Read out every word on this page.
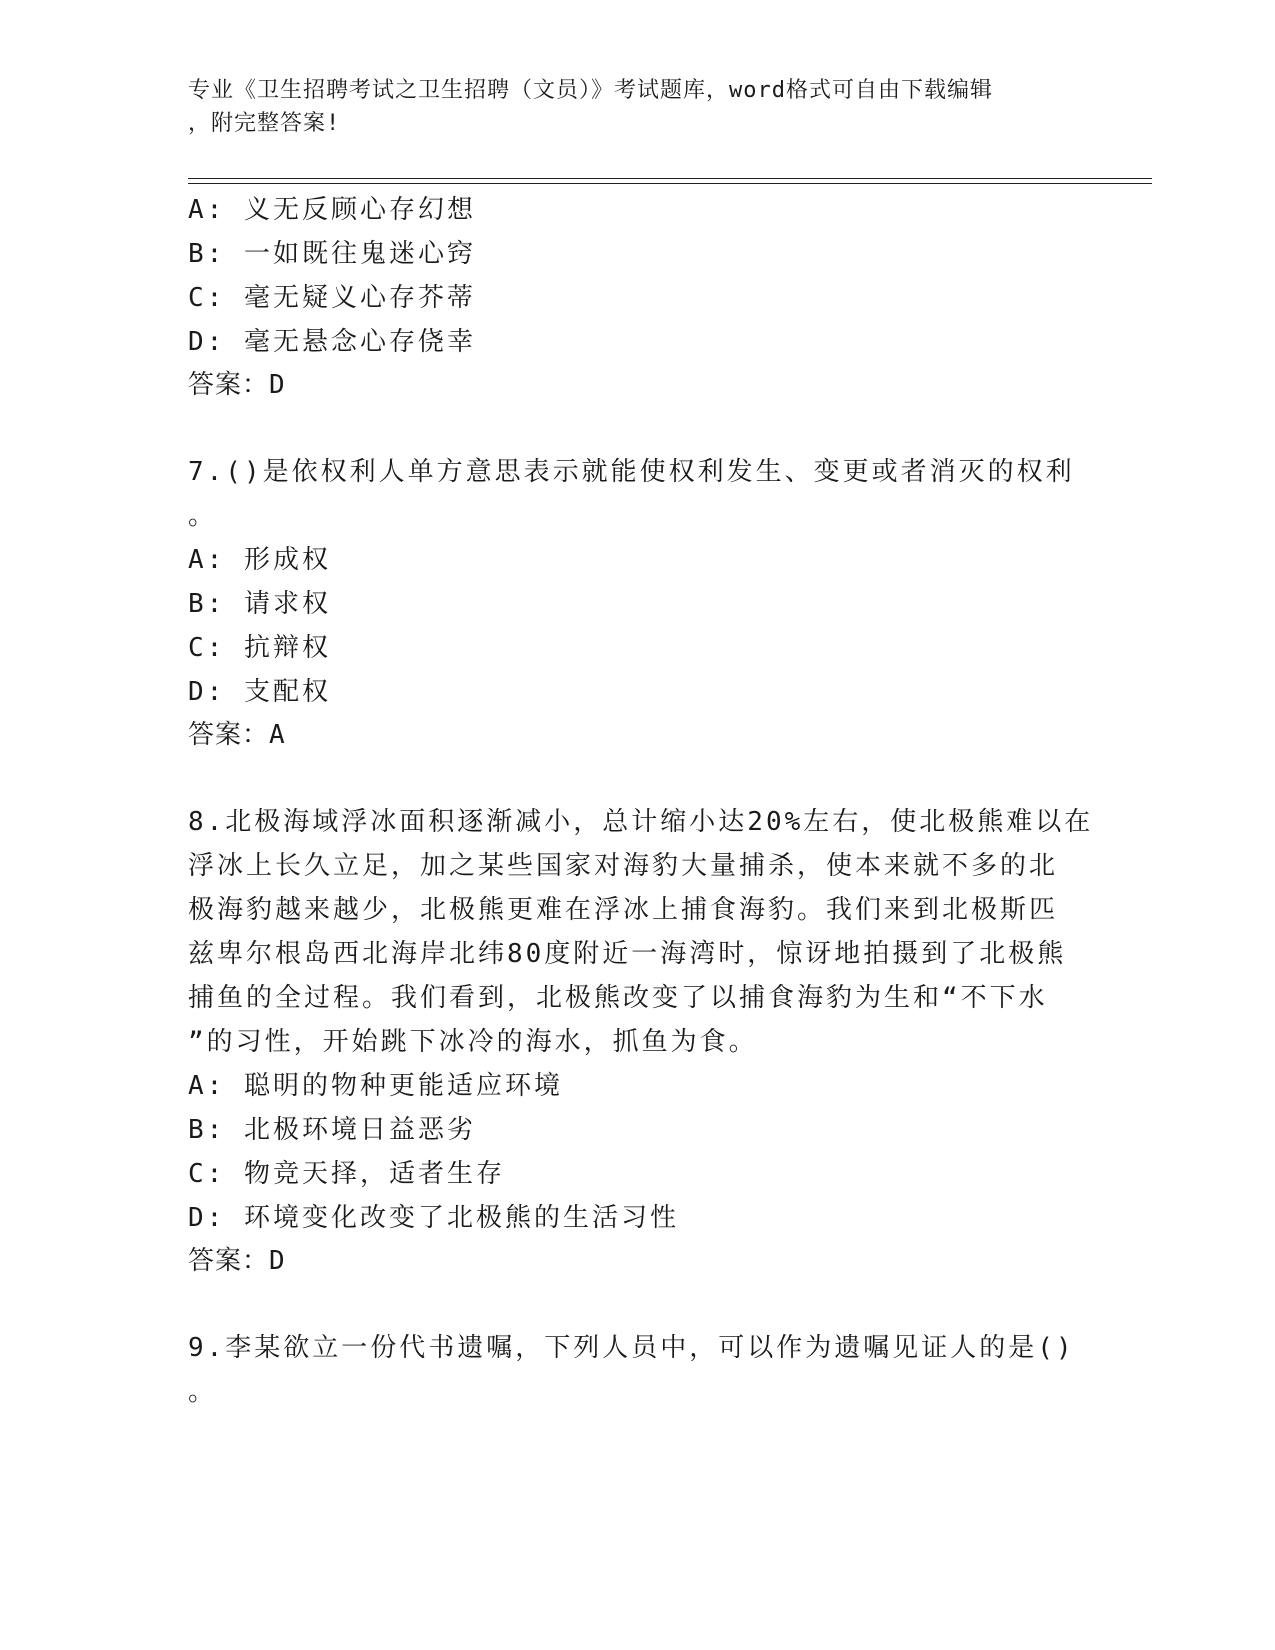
专业《卫生招聘考试之卫生招聘（文员）》考试题库，word格式可自由下载编辑
，附完整答案!
A: 义无反顾心存幻想
B: 一如既往鬼迷心窍
C: 毫无疑义心存芥蒂
D: 毫无悬念心存侥幸
答案：D
7.()是依权利人单方意思表示就能使权利发生、变更或者消灭的权利
。
A: 形成权
B: 请求权
C: 抗辩权
D: 支配权
答案：A
8.北极海域浮冰面积逐渐减小，总计缩小达20%左右，使北极熊难以在
浮冰上长久立足，加之某些国家对海豹大量捕杀，使本来就不多的北
极海豹越来越少，北极熊更难在浮冰上捕食海豹。我们来到北极斯匹
兹卑尔根岛西北海岸北纬80度附近一海湾时，惊讶地拍摄到了北极熊
捕鱼的全过程。我们看到，北极熊改变了以捕食海豹为生和“不下水
”的习性，开始跳下冰冷的海水，抓鱼为食。
A: 聪明的物种更能适应环境
B: 北极环境日益恶劣
C: 物竞天择，适者生存
D: 环境变化改变了北极熊的生活习性
答案：D
9.李某欲立一份代书遗嘱，下列人员中，可以作为遗嘱见证人的是()
。
